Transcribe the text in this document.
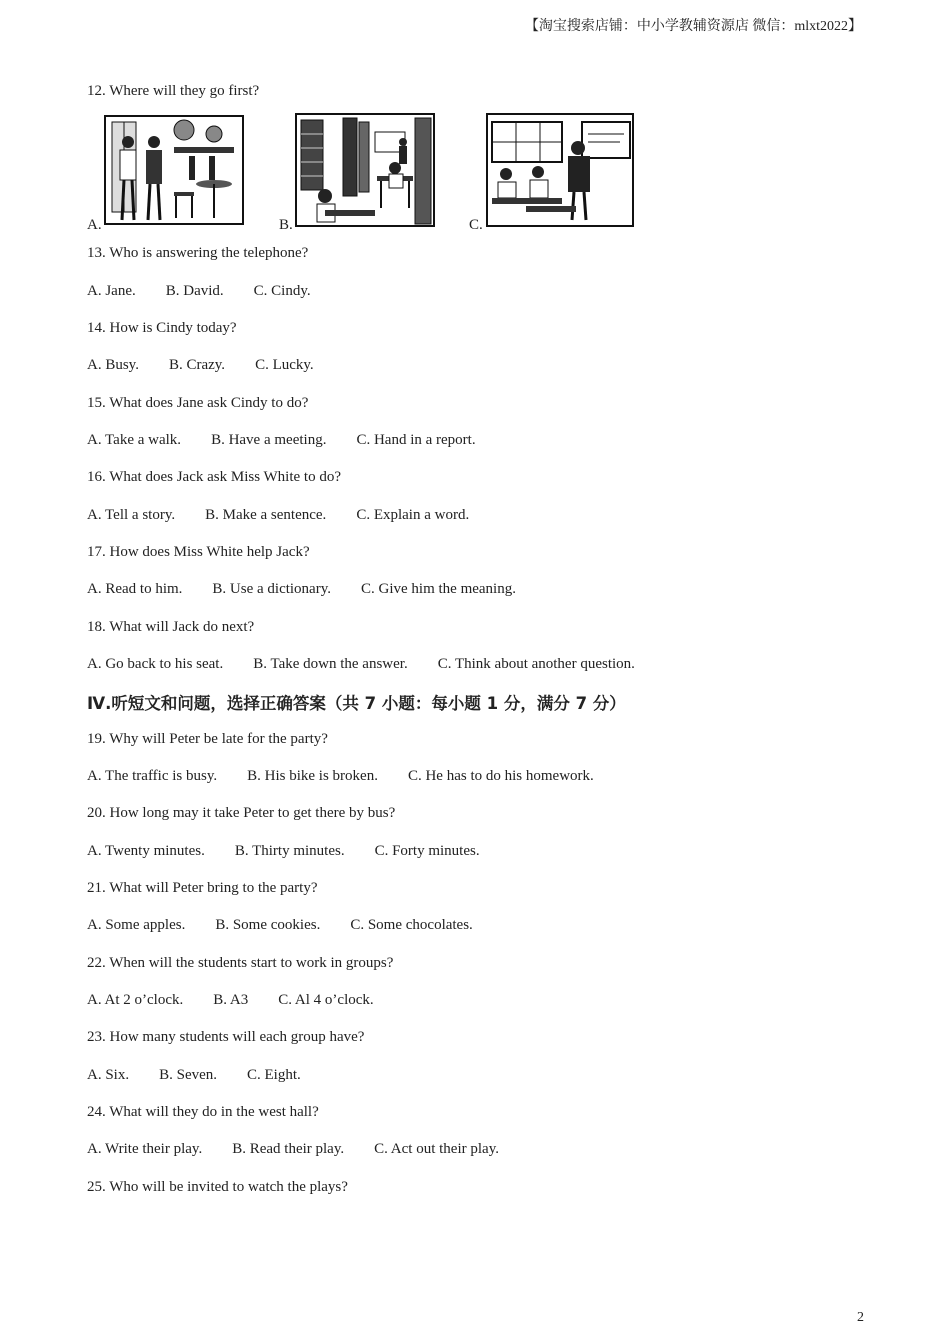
【淘宝搜索店铺：中小学教辅资源店 微信：mlxt2022】
12. Where will they go first?
A.	B.	C.
13. Who is answering the telephone?
A. Jane. B. David. C. Cindy.
14. How is Cindy today?
A. Busy. B. Crazy. C. Lucky.
15. What does Jane ask Cindy to do?
A. Take a walk. B. Have a meeting. C. Hand in a report.
16. What does Jack ask Miss White to do?
A. Tell a story. B. Make a sentence. C. Explain a word.
17. How does Miss White help Jack?
A. Read to him. B. Use a dictionary. C. Give him the meaning.
18. What will Jack do next?
A. Go back to his seat. B. Take down the answer. C. Think about another question.
Ⅳ.听短文和问题，选择正确答案（共 7 小题：每小题 1 分，满分 7 分）
19. Why will Peter be late for the party?
A. The traffic is busy. B. His bike is broken. C. He has to do his homework.
20. How long may it take Peter to get there by bus?
A. Twenty minutes. B. Thirty minutes. C. Forty minutes.
21. What will Peter bring to the party?
A. Some apples. B. Some cookies. C. Some chocolates.
22. When will the students start to work in groups?
A. At 2 o’clock. B. A3 C. Al 4 o’clock.
23. How many students will each group have?
A. Six. B. Seven. C. Eight.
24. What will they do in the west hall?
A. Write their play. B. Read their play. C. Act out their play.
25. Who will be invited to watch the plays?
2
